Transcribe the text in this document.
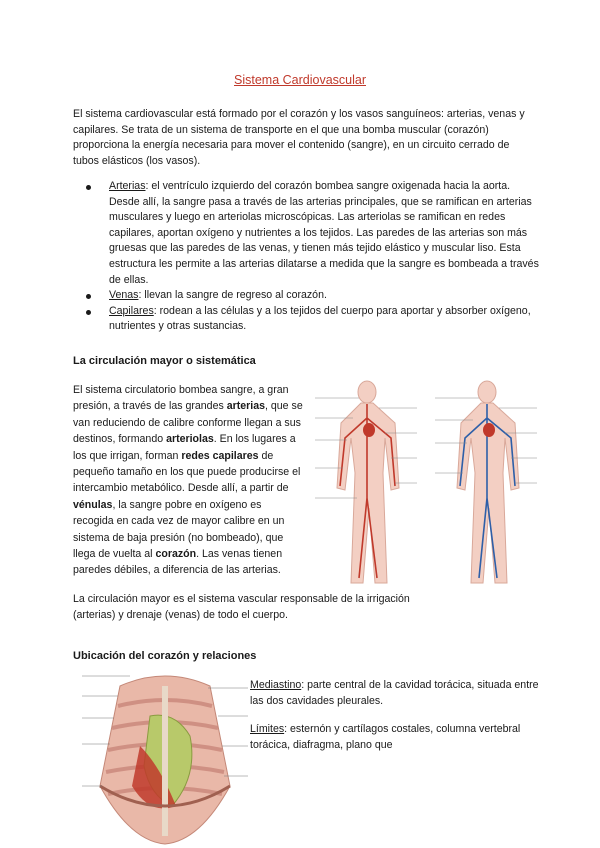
Sistema Cardiovascular
El sistema cardiovascular está formado por el corazón y los vasos sanguíneos: arterias, venas y capilares. Se trata de un sistema de transporte en el que una bomba muscular (corazón) proporciona la energía necesaria para mover el contenido (sangre), en un circuito cerrado de tubos elásticos (los vasos).
Arterias: el ventrículo izquierdo del corazón bombea sangre oxigenada hacia la aorta. Desde allí, la sangre pasa a través de las arterias principales, que se ramifican en arterias musculares y luego en arteriolas microscópicas. Las arteriolas se ramifican en redes capilares, aportan oxígeno y nutrientes a los tejidos. Las paredes de las arterias son más gruesas que las paredes de las venas, y tienen más tejido elástico y muscular liso. Esta estructura les permite a las arterias dilatarse a medida que la sangre es bombeada a través de ellas.
Venas: llevan la sangre de regreso al corazón.
Capilares: rodean a las células y a los tejidos del cuerpo para aportar y absorber oxígeno, nutrientes y otras sustancias.
La circulación mayor o sistemática
El sistema circulatorio bombea sangre, a gran presión, a través de las grandes arterias, que se van reduciendo de calibre conforme llegan a sus destinos, formando arteriolas. En los lugares a los que irrigan, forman redes capilares de pequeño tamaño en los que puede producirse el intercambio metabólico. Desde allí, a partir de vénulas, la sangre pobre en oxígeno es recogida en cada vez de mayor calibre en un sistema de baja presión (no bombeado), que llega de vuelta al corazón. Las venas tienen paredes débiles, a diferencia de las arterias.
La circulación mayor es el sistema vascular responsable de la irrigación (arterias) y drenaje (venas) de todo el cuerpo.
Ubicación del corazón y relaciones
Mediastino: parte central de la cavidad torácica, situada entre las dos cavidades pleurales.
Límites: esternón y cartílagos costales, columna vertebral torácica, diafragma, plano que
